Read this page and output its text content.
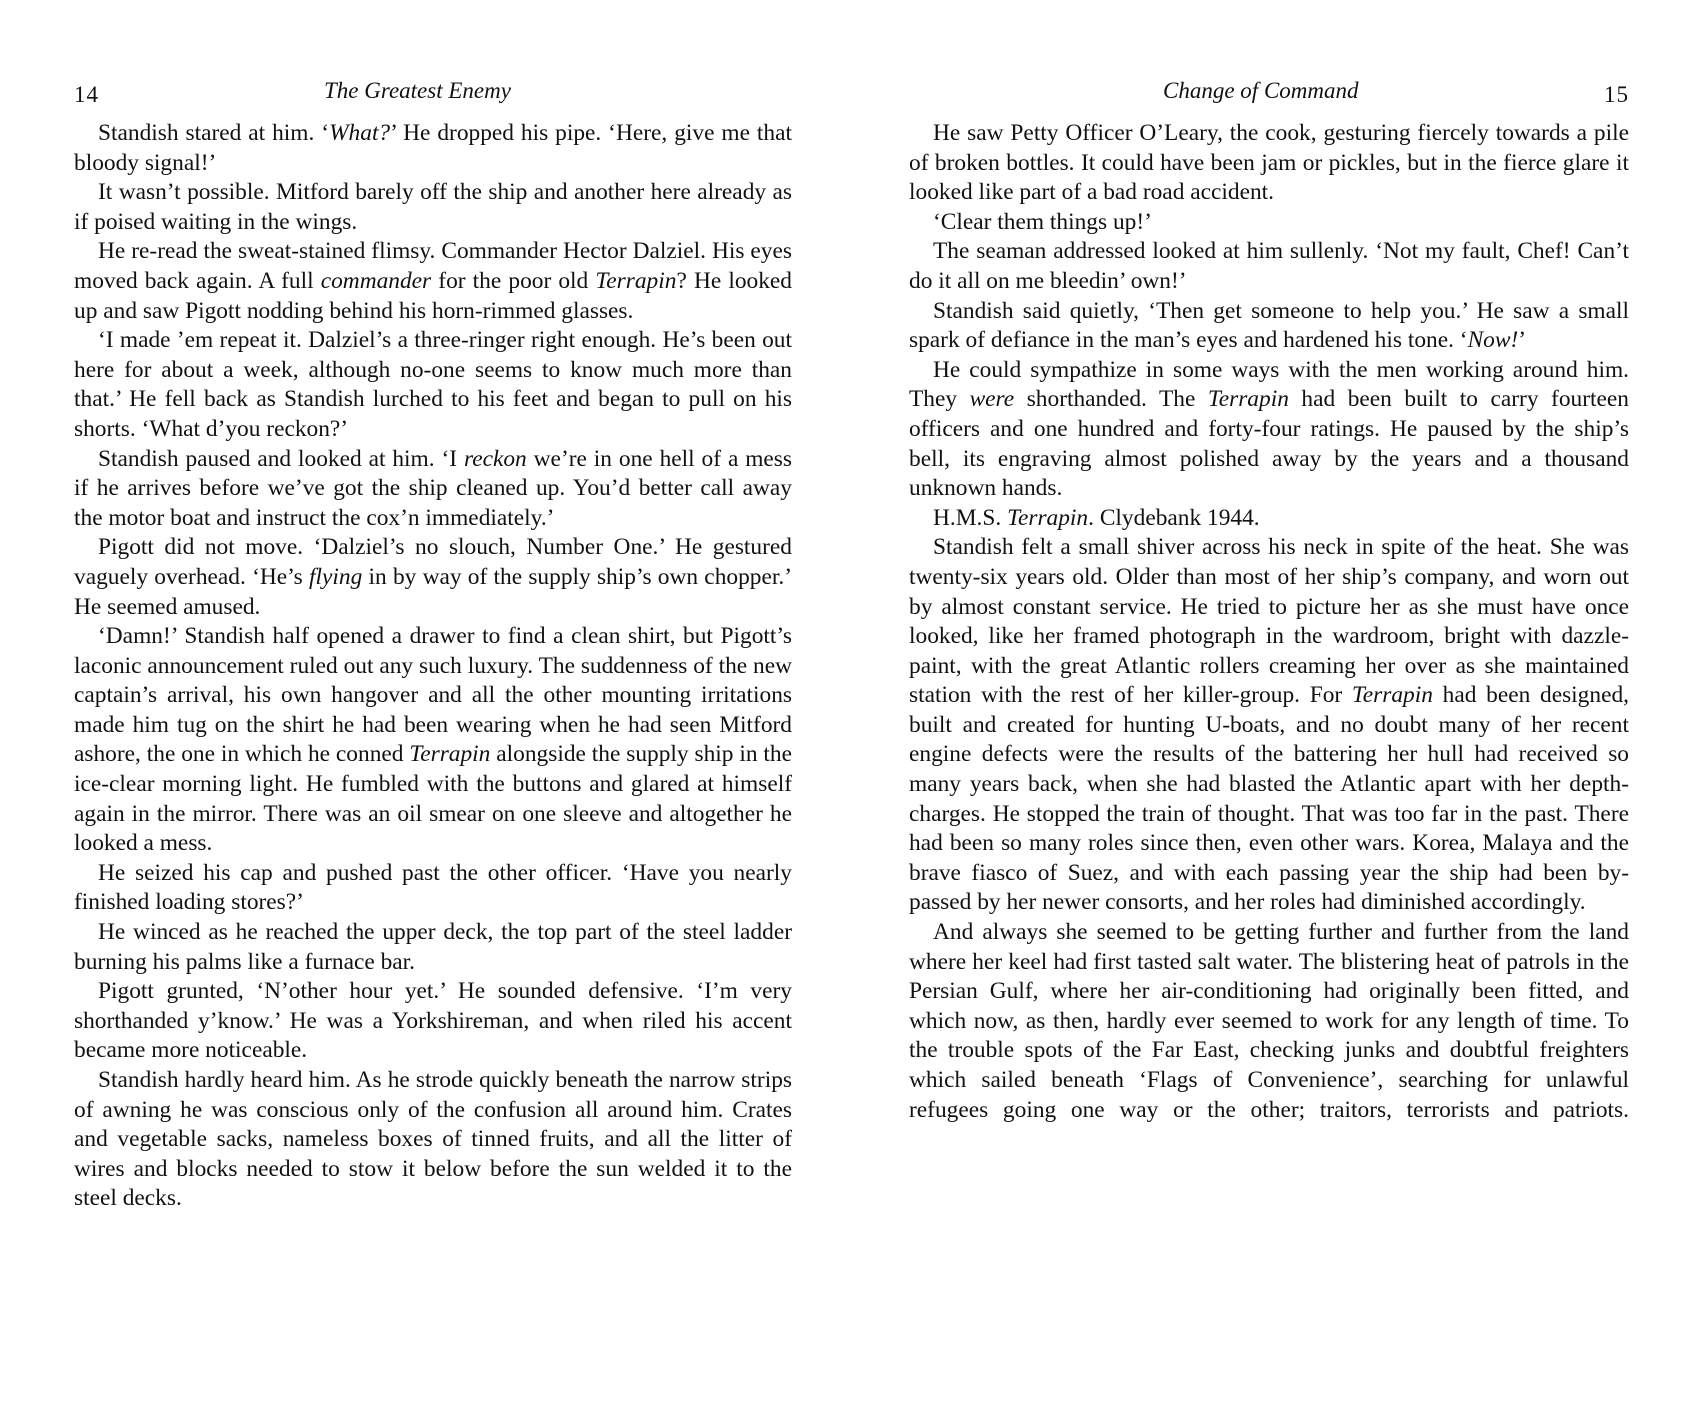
14	The Greatest Enemy

Standish stared at him. ‘What?’ He dropped his pipe. ‘Here, give me that bloody signal!’

It wasn’t possible. Mitford barely off the ship and another here already as if poised waiting in the wings.

He re-read the sweat-stained flimsy. Commander Hector Dalziel. His eyes moved back again. A full commander for the poor old Terrapin? He looked up and saw Pigott nodding behind his horn-rimmed glasses.

‘I made ’em repeat it. Dalziel’s a three-ringer right enough. He’s been out here for about a week, although no-one seems to know much more than that.’ He fell back as Standish lurched to his feet and began to pull on his shorts. ‘What d’you reckon?’

Standish paused and looked at him. ‘I reckon we’re in one hell of a mess if he arrives before we’ve got the ship cleaned up. You’d better call away the motor boat and instruct the cox’n immediately.’

Pigott did not move. ‘Dalziel’s no slouch, Number One.’ He gestured vaguely overhead. ‘He’s flying in by way of the supply ship’s own chopper.’ He seemed amused.

‘Damn!’ Standish half opened a drawer to find a clean shirt, but Pigott’s laconic announcement ruled out any such luxury. The suddenness of the new captain’s arrival, his own hangover and all the other mounting irritations made him tug on the shirt he had been wearing when he had seen Mitford ashore, the one in which he conned Terrapin alongside the supply ship in the ice-clear morning light. He fumbled with the buttons and glared at himself again in the mirror. There was an oil smear on one sleeve and altogether he looked a mess.

He seized his cap and pushed past the other officer. ‘Have you nearly finished loading stores?’

He winced as he reached the upper deck, the top part of the steel ladder burning his palms like a furnace bar.

Pigott grunted, ‘N’other hour yet.’ He sounded defensive. ‘I’m very shorthanded y’know.’ He was a Yorkshireman, and when riled his accent became more noticeable.

Standish hardly heard him. As he strode quickly beneath the narrow strips of awning he was conscious only of the confusion all around him. Crates and vegetable sacks, nameless boxes of tinned fruits, and all the litter of wires and blocks needed to stow it below before the sun welded it to the steel decks.

Change of Command	15

He saw Petty Officer O’Leary, the cook, gesturing fiercely towards a pile of broken bottles. It could have been jam or pickles, but in the fierce glare it looked like part of a bad road accident.

‘Clear them things up!’

The seaman addressed looked at him sullenly. ‘Not my fault, Chef! Can’t do it all on me bleedin’ own!’

Standish said quietly, ‘Then get someone to help you.’ He saw a small spark of defiance in the man’s eyes and hardened his tone. ‘Now!’

He could sympathize in some ways with the men working around him. They were shorthanded. The Terrapin had been built to carry fourteen officers and one hundred and forty-four ratings. He paused by the ship’s bell, its engraving almost polished away by the years and a thousand unknown hands.

H.M.S. Terrapin. Clydebank 1944.

Standish felt a small shiver across his neck in spite of the heat. She was twenty-six years old. Older than most of her ship’s company, and worn out by almost constant service. He tried to picture her as she must have once looked, like her framed photograph in the wardroom, bright with dazzle-paint, with the great Atlantic rollers creaming her over as she maintained station with the rest of her killer-group. For Terrapin had been designed, built and created for hunting U-boats, and no doubt many of her recent engine defects were the results of the battering her hull had received so many years back, when she had blasted the Atlantic apart with her depth-charges. He stopped the train of thought. That was too far in the past. There had been so many roles since then, even other wars. Korea, Malaya and the brave fiasco of Suez, and with each passing year the ship had been by-passed by her newer consorts, and her roles had diminished accordingly.

And always she seemed to be getting further and further from the land where her keel had first tasted salt water. The blistering heat of patrols in the Persian Gulf, where her air-conditioning had originally been fitted, and which now, as then, hardly ever seemed to work for any length of time. To the trouble spots of the Far East, checking junks and doubtful freighters which sailed beneath ‘Flags of Convenience’, searching for unlawful refugees going one way or the other; traitors, terrorists and patriots.
